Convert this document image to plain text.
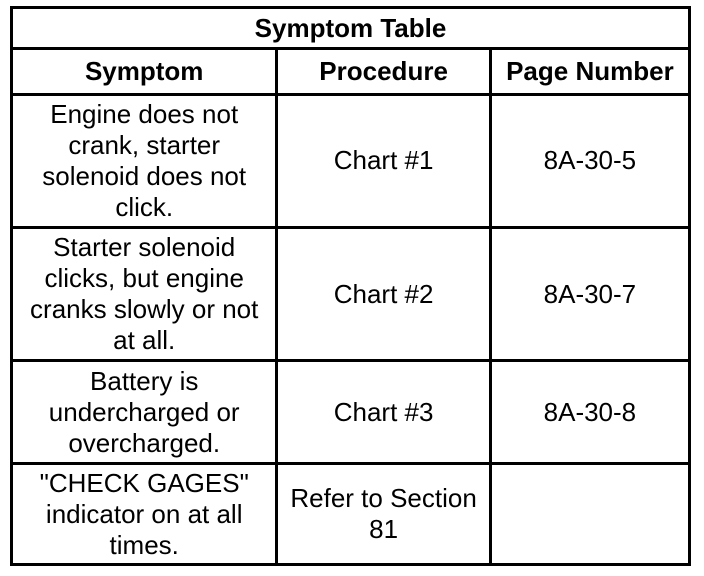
Symptom Table		
Symptom	Procedure	Page Number
Engine does not crank, starter solenoid does not click.	Chart #1	8A-30-5
Starter solenoid clicks, but engine cranks slowly or not at all.	Chart #2	8A-30-7
Battery is undercharged or overcharged.	Chart #3	8A-30-8
"CHECK GAGES" indicator on at all times.	Refer to Section 81	
